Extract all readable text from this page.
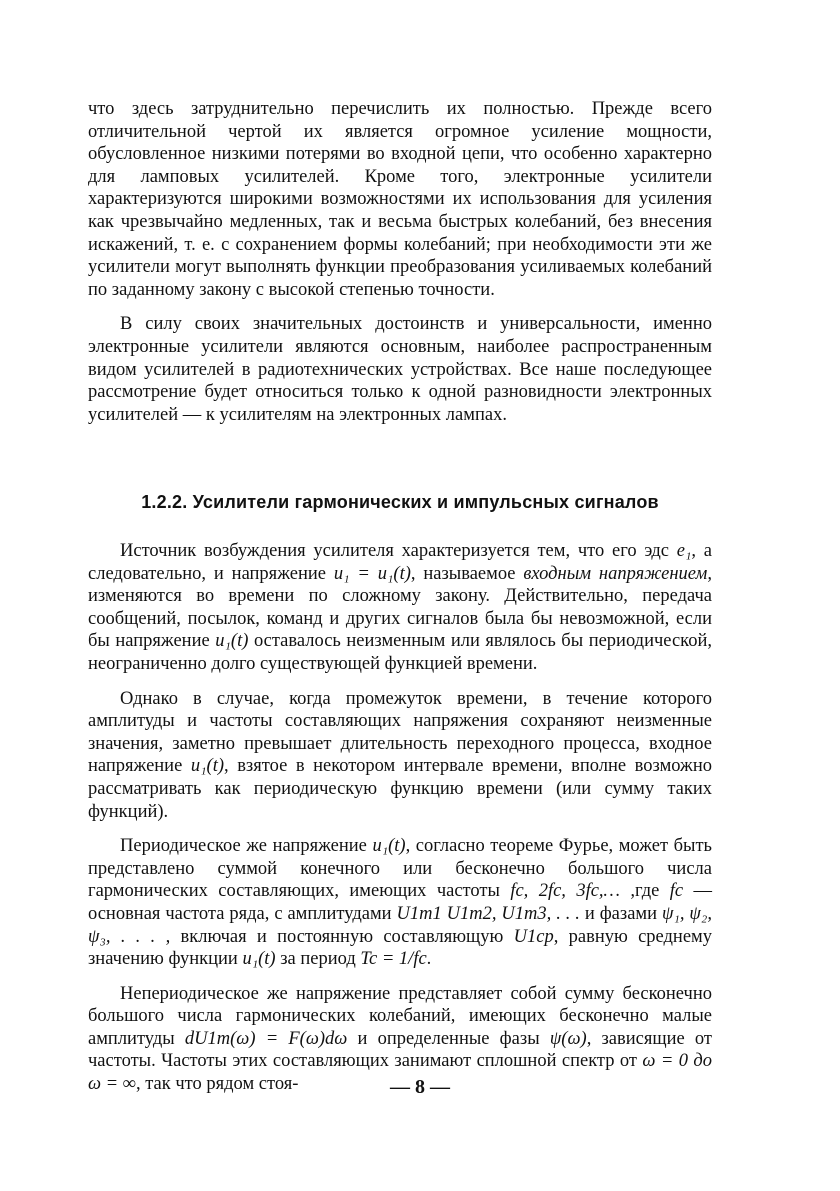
что здесь затруднительно перечислить их полностью. Прежде всего отличительной чертой их является огромное усиление мощности, обусловленное низкими потерями во входной цепи, что особенно характерно для ламповых усилителей. Кроме того, электронные усилители характеризуются широкими возможностями их использования для усиления как чрезвычайно медленных, так и весьма быстрых колебаний, без внесения искажений, т. е. с сохранением формы колебаний; при необходимости эти же усилители могут выполнять функции преобразования усиливаемых колебаний по заданному закону с высокой степенью точности.

В силу своих значительных достоинств и универсальности, именно электронные усилители являются основным, наиболее распространенным видом усилителей в радиотехнических устройствах. Все наше последующее рассмотрение будет относиться только к одной разновидности электронных усилителей — к усилителям на электронных лампах.

1.2.2. Усилители гармонических и импульсных сигналов

Источник возбуждения усилителя характеризуется тем, что его эдс e₁, а следовательно, и напряжение u₁ = u₁(t), называемое входным напряжением, изменяются во времени по сложному закону. Действительно, передача сообщений, посылок, команд и других сигналов была бы невозможной, если бы напряжение u₁(t) оставалось неизменным или являлось бы периодической, неограниченно долго существующей функцией времени.

Однако в случае, когда промежуток времени, в течение которого амплитуды и частоты составляющих напряжения сохраняют неизменные значения, заметно превышает длительность переходного процесса, входное напряжение u₁(t), взятое в некотором интервале времени, вполне возможно рассматривать как периодическую функцию времени (или сумму таких функций).

Периодическое же напряжение u₁(t), согласно теореме Фурье, может быть представлено суммой конечного или бесконечно большого числа гармонических составляющих, имеющих частоты fc, 2fc, 3fc,… ,где fc — основная частота ряда, с амплитудами U1m1 U1m2, U1m3, . . . и фазами ψ₁, ψ₂, ψ₃, . . . , включая и постоянную составляющую U1ср, равную среднему значению функции u₁(t) за период Tc = 1/fc.

Непериодическое же напряжение представляет собой сумму бесконечно большого числа гармонических колебаний, имеющих бесконечно малые амплитуды dU1m(ω) = F(ω)dω и определенные фазы ψ(ω), зависящие от частоты. Частоты этих составляющих занимают сплошной спектр от ω = 0 до ω = ∞, так что рядом стоя-	— 8 —
